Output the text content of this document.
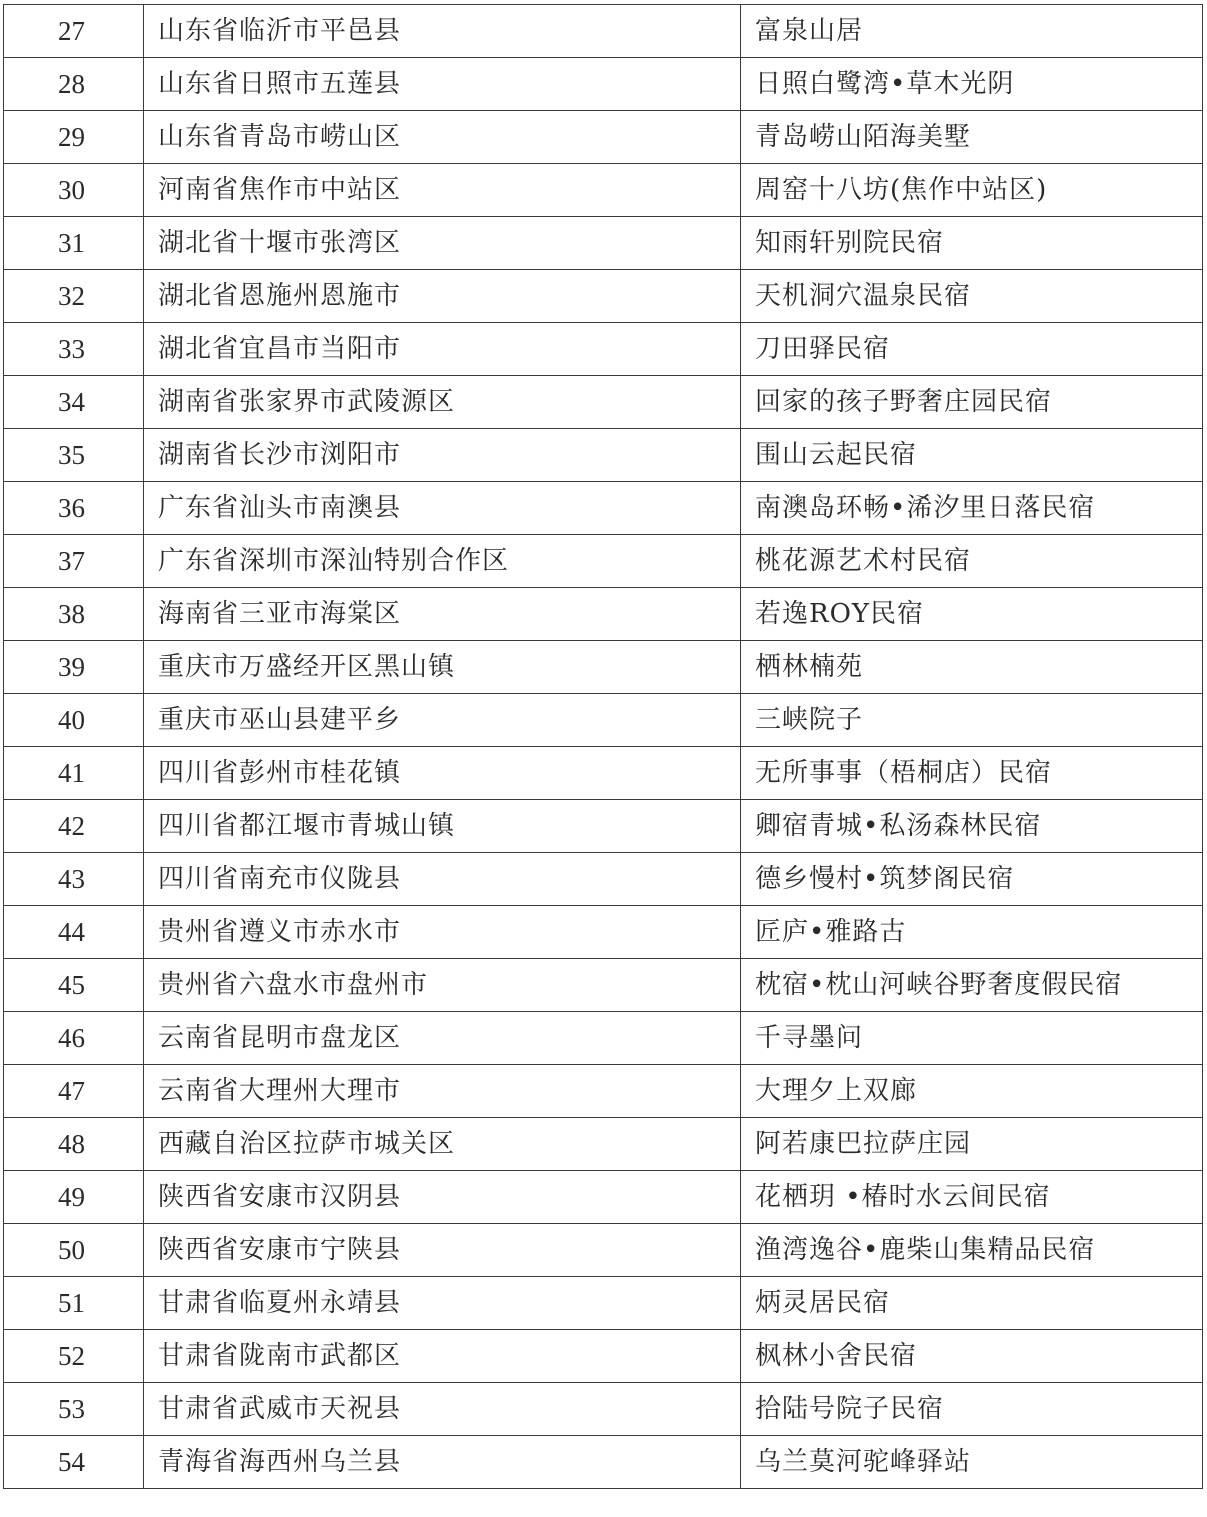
27	山东省临沂市平邑县	富泉山居
28	山东省日照市五莲县	日照白鹭湾•草木光阴
29	山东省青岛市崂山区	青岛崂山陌海美墅
30	河南省焦作市中站区	周窑十八坊(焦作中站区)
31	湖北省十堰市张湾区	知雨轩别院民宿
32	湖北省恩施州恩施市	天机洞穴温泉民宿
33	湖北省宜昌市当阳市	刀田驿民宿
34	湖南省张家界市武陵源区	回家的孩子野奢庄园民宿
35	湖南省长沙市浏阳市	围山云起民宿
36	广东省汕头市南澳县	南澳岛环畅•浠汐里日落民宿
37	广东省深圳市深汕特别合作区	桃花源艺术村民宿
38	海南省三亚市海棠区	若逸ROY民宿
39	重庆市万盛经开区黑山镇	栖林楠苑
40	重庆市巫山县建平乡	三峡院子
41	四川省彭州市桂花镇	无所事事（梧桐店）民宿
42	四川省都江堰市青城山镇	卿宿青城•私汤森林民宿
43	四川省南充市仪陇县	德乡慢村•筑梦阁民宿
44	贵州省遵义市赤水市	匠庐•雅路古
45	贵州省六盘水市盘州市	枕宿•枕山河峡谷野奢度假民宿
46	云南省昆明市盘龙区	千寻墨问
47	云南省大理州大理市	大理夕上双廊
48	西藏自治区拉萨市城关区	阿若康巴拉萨庄园
49	陕西省安康市汉阴县	花栖玥 •椿时水云间民宿
50	陕西省安康市宁陕县	渔湾逸谷•鹿柴山集精品民宿
51	甘肃省临夏州永靖县	炳灵居民宿
52	甘肃省陇南市武都区	枫林小舍民宿
53	甘肃省武威市天祝县	拾陆号院子民宿
54	青海省海西州乌兰县	乌兰莫河驼峰驿站
